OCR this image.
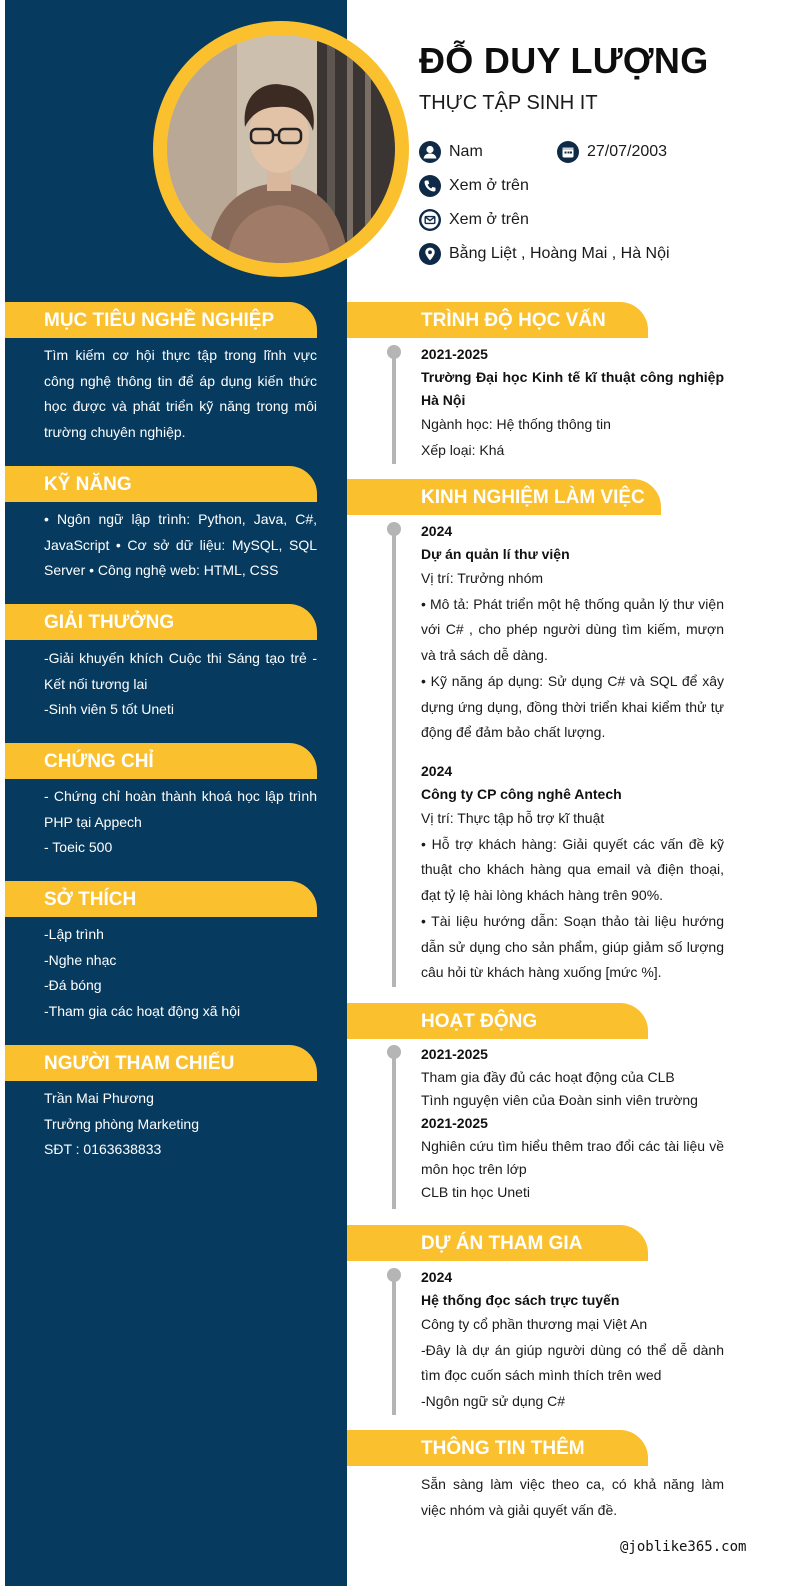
ĐỖ DUY LƯỢNG
THỰC TẬP SINH IT
Nam	27/07/2003
Xem ở trên
Xem ở trên
Bằng Liệt , Hoàng Mai , Hà Nội
MỤC TIÊU NGHỀ NGHIỆP

Tìm kiếm cơ hội thực tập trong lĩnh vực công nghệ thông tin để áp dụng kiến thức học được và phát triển kỹ năng trong môi trường chuyên nghiệp.

KỸ NĂNG

• Ngôn ngữ lập trình: Python, Java, C#, JavaScript • Cơ sở dữ liệu: MySQL, SQL Server • Công nghệ web: HTML, CSS

GIẢI THƯỞNG

-Giải khuyến khích Cuộc thi Sáng tạo trẻ - Kết nối tương lai

-Sinh viên 5 tốt Uneti

CHỨNG CHỈ

- Chứng chỉ hoàn thành khoá học lập trình PHP tại Appech

- Toeic 500

SỞ THÍCH

-Lập trình

-Nghe nhạc

-Đá bóng

-Tham gia các hoạt động xã hội

NGƯỜI THAM CHIẾU

Trần Mai Phương

Trưởng phòng Marketing

SĐT : 0163638833

TRÌNH ĐỘ HỌC VẤN

2021-2025

Trường Đại học Kinh tế kĩ thuật công nghiệp Hà Nội

Ngành học: Hệ thống thông tin

Xếp loại: Khá

KINH NGHIỆM LÀM VIỆC

2024

Dự án quản lí thư viện

Vị trí: Trưởng nhóm

• Mô tả: Phát triển một hệ thống quản lý thư viện với C# , cho phép người dùng tìm kiếm, mượn và trả sách dễ dàng.

• Kỹ năng áp dụng: Sử dụng C# và SQL để xây dựng ứng dụng, đồng thời triển khai kiểm thử tự động để đảm bảo chất lượng.

2024

Công ty CP công nghê Antech

Vị trí: Thực tập hỗ trợ kĩ thuật

• Hỗ trợ khách hàng: Giải quyết các vấn đề kỹ thuật cho khách hàng qua email và điện thoại, đạt tỷ lệ hài lòng khách hàng trên 90%.

• Tài liệu hướng dẫn: Soạn thảo tài liệu hướng dẫn sử dụng cho sản phẩm, giúp giảm số lượng câu hỏi từ khách hàng xuống [mức %].

HOẠT ĐỘNG

2021-2025

Tham gia đầy đủ các hoạt động của CLB

Tình nguyện viên của Đoàn sinh viên trường

2021-2025

Nghiên cứu tìm hiểu thêm trao đổi các tài liệu về môn học trên lớp

CLB tin học Uneti

DỰ ÁN THAM GIA

2024

Hệ thống đọc sách trực tuyến

Công ty cổ phần thương mại Việt An

-Đây là dự án giúp người dùng có thể dễ dành tìm đọc cuốn sách mình thích trên wed

-Ngôn ngữ sử dụng C#

THÔNG TIN THÊM

Sẵn sàng làm việc theo ca, có khả năng làm việc nhóm và giải quyết vấn đề.

@joblike365.com
